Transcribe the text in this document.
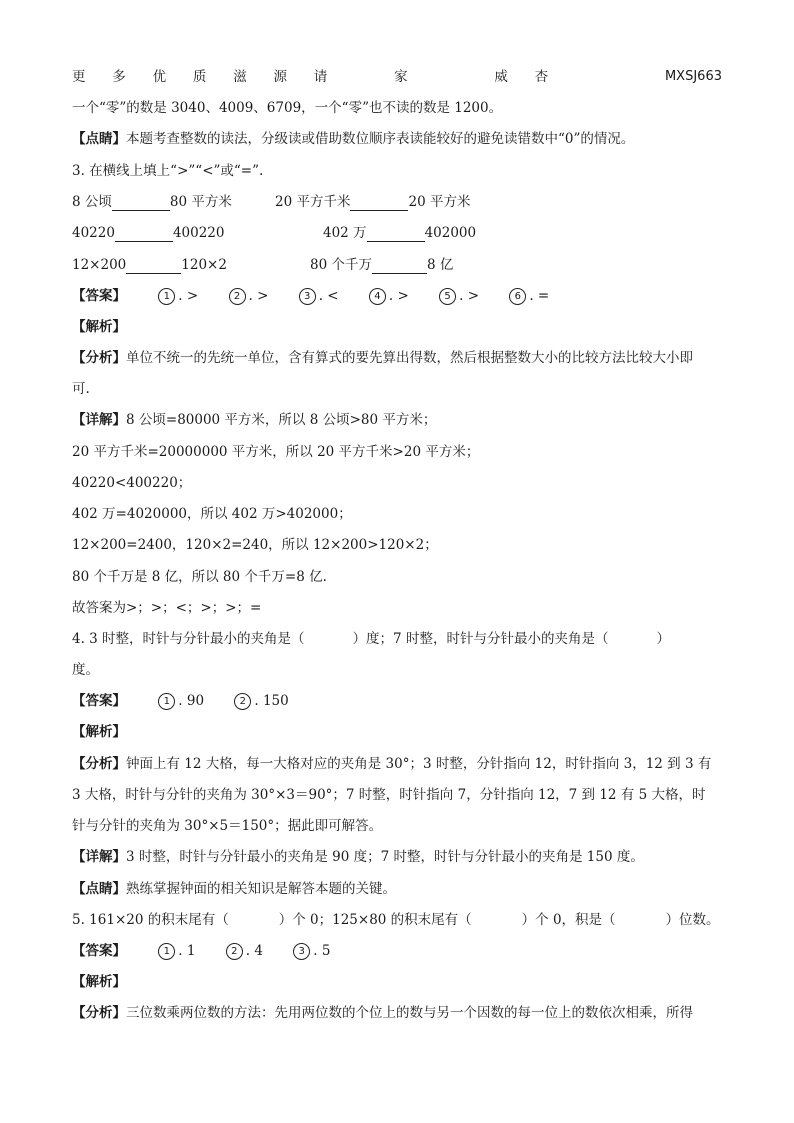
更 多 优 质 滋 源 请	家	威 杏	MXSJ663
一个“零”的数是 3040、4009、6709，一个“零”也不读的数是 1200。
【点睛】本题考查整数的读法，分级读或借助数位顺序表读能较好的避免读错数中“0”的情况。
3. 在横线上填上“>”“<”或“=”.
8 公顷	80 平方米	20 平方千米	20 平方米
40220	400220	402 万	402000
12×200	120×2	80 个千万	8 亿
【答案】	1 . >	2 . >	3 . <	4 . >	5 . >	6 . =
【解析】
【分析】单位不统一的先统一单位，含有算式的要先算出得数，然后根据整数大小的比较方法比较大小即
可.
【详解】8 公顷=80000 平方米，所以 8 公顷>80 平方米；
20 平方千米=20000000 平方米，所以 20 平方千米>20 平方米；
40220<400220；
402 万=4020000，所以 402 万>402000；
12×200=2400，120×2=240，所以 12×200>120×2；
80 个千万是 8 亿，所以 80 个千万=8 亿.
故答案为>；>；<；>；>；=
4. 3 时整，时针与分针最小的夹角是（	）度；7 时整，时针与分针最小的夹角是（	）
度。
【答案】	1 . 90	2 . 150
【解析】
【分析】钟面上有 12 大格，每一大格对应的夹角是 30°；3 时整，分针指向 12，时针指向 3，12 到 3 有
3 大格，时针与分针的夹角为 30°×3＝90°；7 时整，时针指向 7，分针指向 12，7 到 12 有 5 大格，时
针与分针的夹角为 30°×5＝150°；据此即可解答。
【详解】3 时整，时针与分针最小的夹角是 90 度；7 时整，时针与分针最小的夹角是 150 度。
【点睛】熟练掌握钟面的相关知识是解答本题的关键。
5. 161×20 的积末尾有（	）个 0；125×80 的积末尾有（	）个 0，积是（	）位数。
【答案】	1 . 1	2 . 4	3 . 5
【解析】
【分析】三位数乘两位数的方法：先用两位数的个位上的数与另一个因数的每一位上的数依次相乘，所得
